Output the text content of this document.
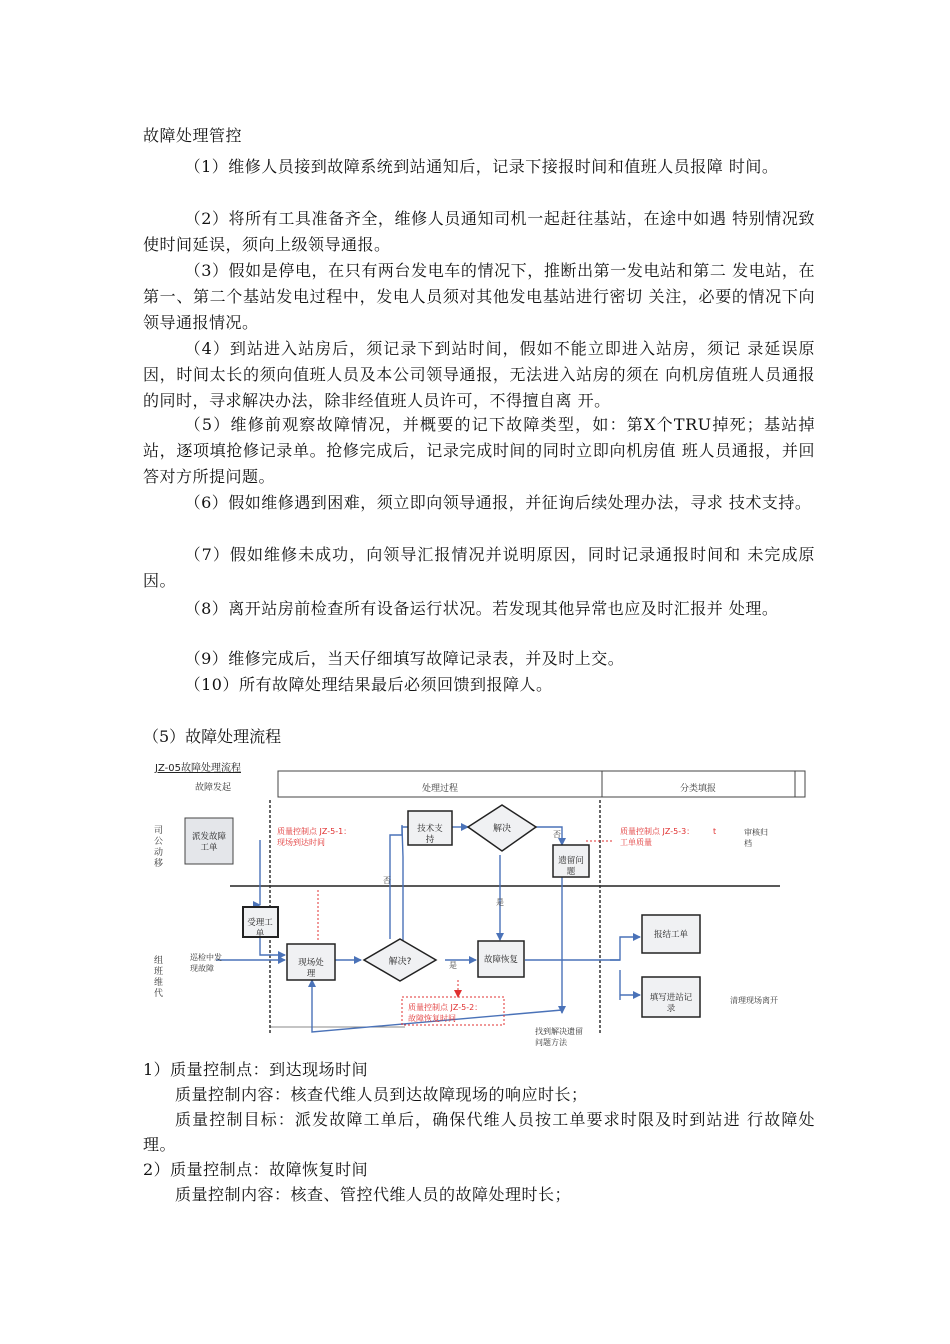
故障处理管控

（1）维修人员接到故障系统到站通知后，记录下接报时间和值班人员报障 时间。

（2）将所有工具准备齐全，维修人员通知司机一起赶往基站，在途中如遇 特别情况致使时间延误，须向上级领导通报。

（3）假如是停电，在只有两台发电车的情况下，推断出第一发电站和第二 发电站，在第一、第二个基站发电过程中，发电人员须对其他发电基站进行密切 关注，必要的情况下向领导通报情况。

（4）到站进入站房后，须记录下到站时间，假如不能立即进入站房，须记 录延误原因，时间太长的须向值班人员及本公司领导通报，无法进入站房的须在 向机房值班人员通报的同时，寻求解决办法，除非经值班人员许可，不得擅自离 开。

（5）维修前观察故障情况，并概要的记下故障类型，如：第X个TRU掉死；基站掉站，逐项填抢修记录单。抢修完成后，记录完成时间的同时立即向机房值 班人员通报，并回答对方所提问题。

（6）假如维修遇到困难，须立即向领导通报，并征询后续处理办法，寻求 技术支持。

（7）假如维修未成功，向领导汇报情况并说明原因，同时记录通报时间和 未完成原因。

（8）离开站房前检查所有设备运行状况。若发现其他异常也应及时汇报并 处理。

（9）维修完成后，当天仔细填写故障记录表，并及时上交。

（10）所有故障处理结果最后必须回馈到报障人。

（5）故障处理流程
JZ-05故障处理流程
故障发起	处理过程	分类填报
司公动移
组班维代
派发故障工单
受理工单
现场处理
技术支持
遗留问题
故障恢复
报结工单
填写进站记录
解决
解决?
否
否
是
是
质量控制点 JZ-5-1：现场到达时间
质量控制点 JZ-5-2：故障恢复时间
质量控制点 JZ-5-3：工单质量
t	审核归档
巡检中发现故障
清理现场离开
找到解决遗留问题方法

1）质量控制点：到达现场时间

质量控制内容：核查代维人员到达故障现场的响应时长；

质量控制目标：派发故障工单后，确保代维人员按工单要求时限及时到站进 行故障处理。

2）质量控制点：故障恢复时间

质量控制内容：核查、管控代维人员的故障处理时长；
